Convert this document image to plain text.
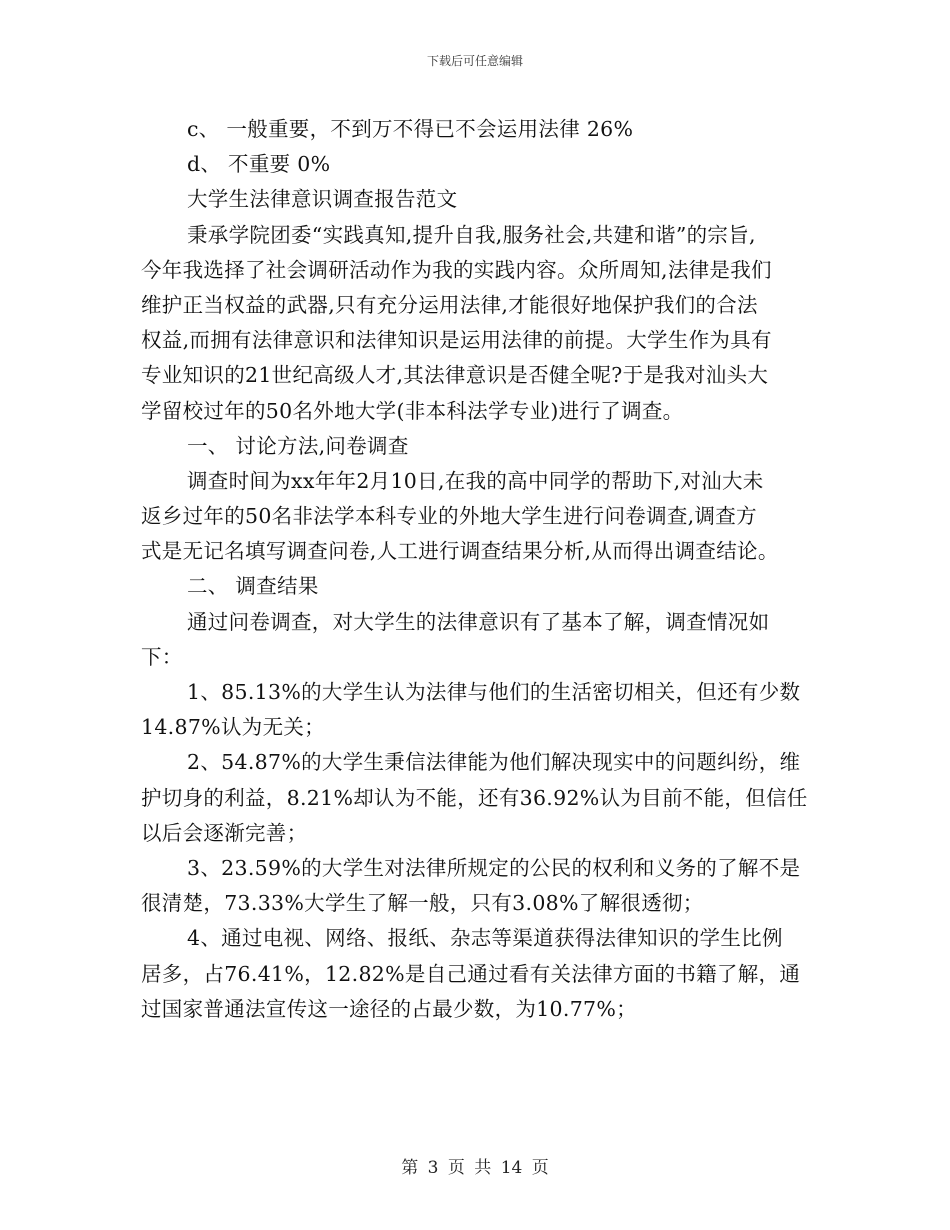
下载后可任意编辑
c、 一般重要，不到万不得已不会运用法律 26%
d、 不重要 0%
大学生法律意识调查报告范文
秉承学院团委“实践真知,提升自我,服务社会,共建和谐”的宗旨,
今年我选择了社会调研活动作为我的实践内容。众所周知,法律是我们
维护正当权益的武器,只有充分运用法律,才能很好地保护我们的合法
权益,而拥有法律意识和法律知识是运用法律的前提。大学生作为具有
专业知识的21世纪高级人才,其法律意识是否健全呢?于是我对汕头大
学留校过年的50名外地大学(非本科法学专业)进行了调查。
一、 讨论方法,问卷调查
调查时间为xx年年2月10日,在我的高中同学的帮助下,对汕大未
返乡过年的50名非法学本科专业的外地大学生进行问卷调查,调查方
式是无记名填写调查问卷,人工进行调查结果分析,从而得出调查结论。
二、 调查结果
通过问卷调查，对大学生的法律意识有了基本了解，调查情况如
下：
1、85.13%的大学生认为法律与他们的生活密切相关，但还有少数
14.87%认为无关；
2、54.87%的大学生秉信法律能为他们解决现实中的问题纠纷，维
护切身的利益，8.21%却认为不能，还有36.92%认为目前不能，但信任
以后会逐渐完善；
3、23.59%的大学生对法律所规定的公民的权利和义务的了解不是
很清楚，73.33%大学生了解一般，只有3.08%了解很透彻；
4、通过电视、网络、报纸、杂志等渠道获得法律知识的学生比例
居多，占76.41%，12.82%是自己通过看有关法律方面的书籍了解，通
过国家普通法宣传这一途径的占最少数，为10.77%；
第 3 页 共 14 页
